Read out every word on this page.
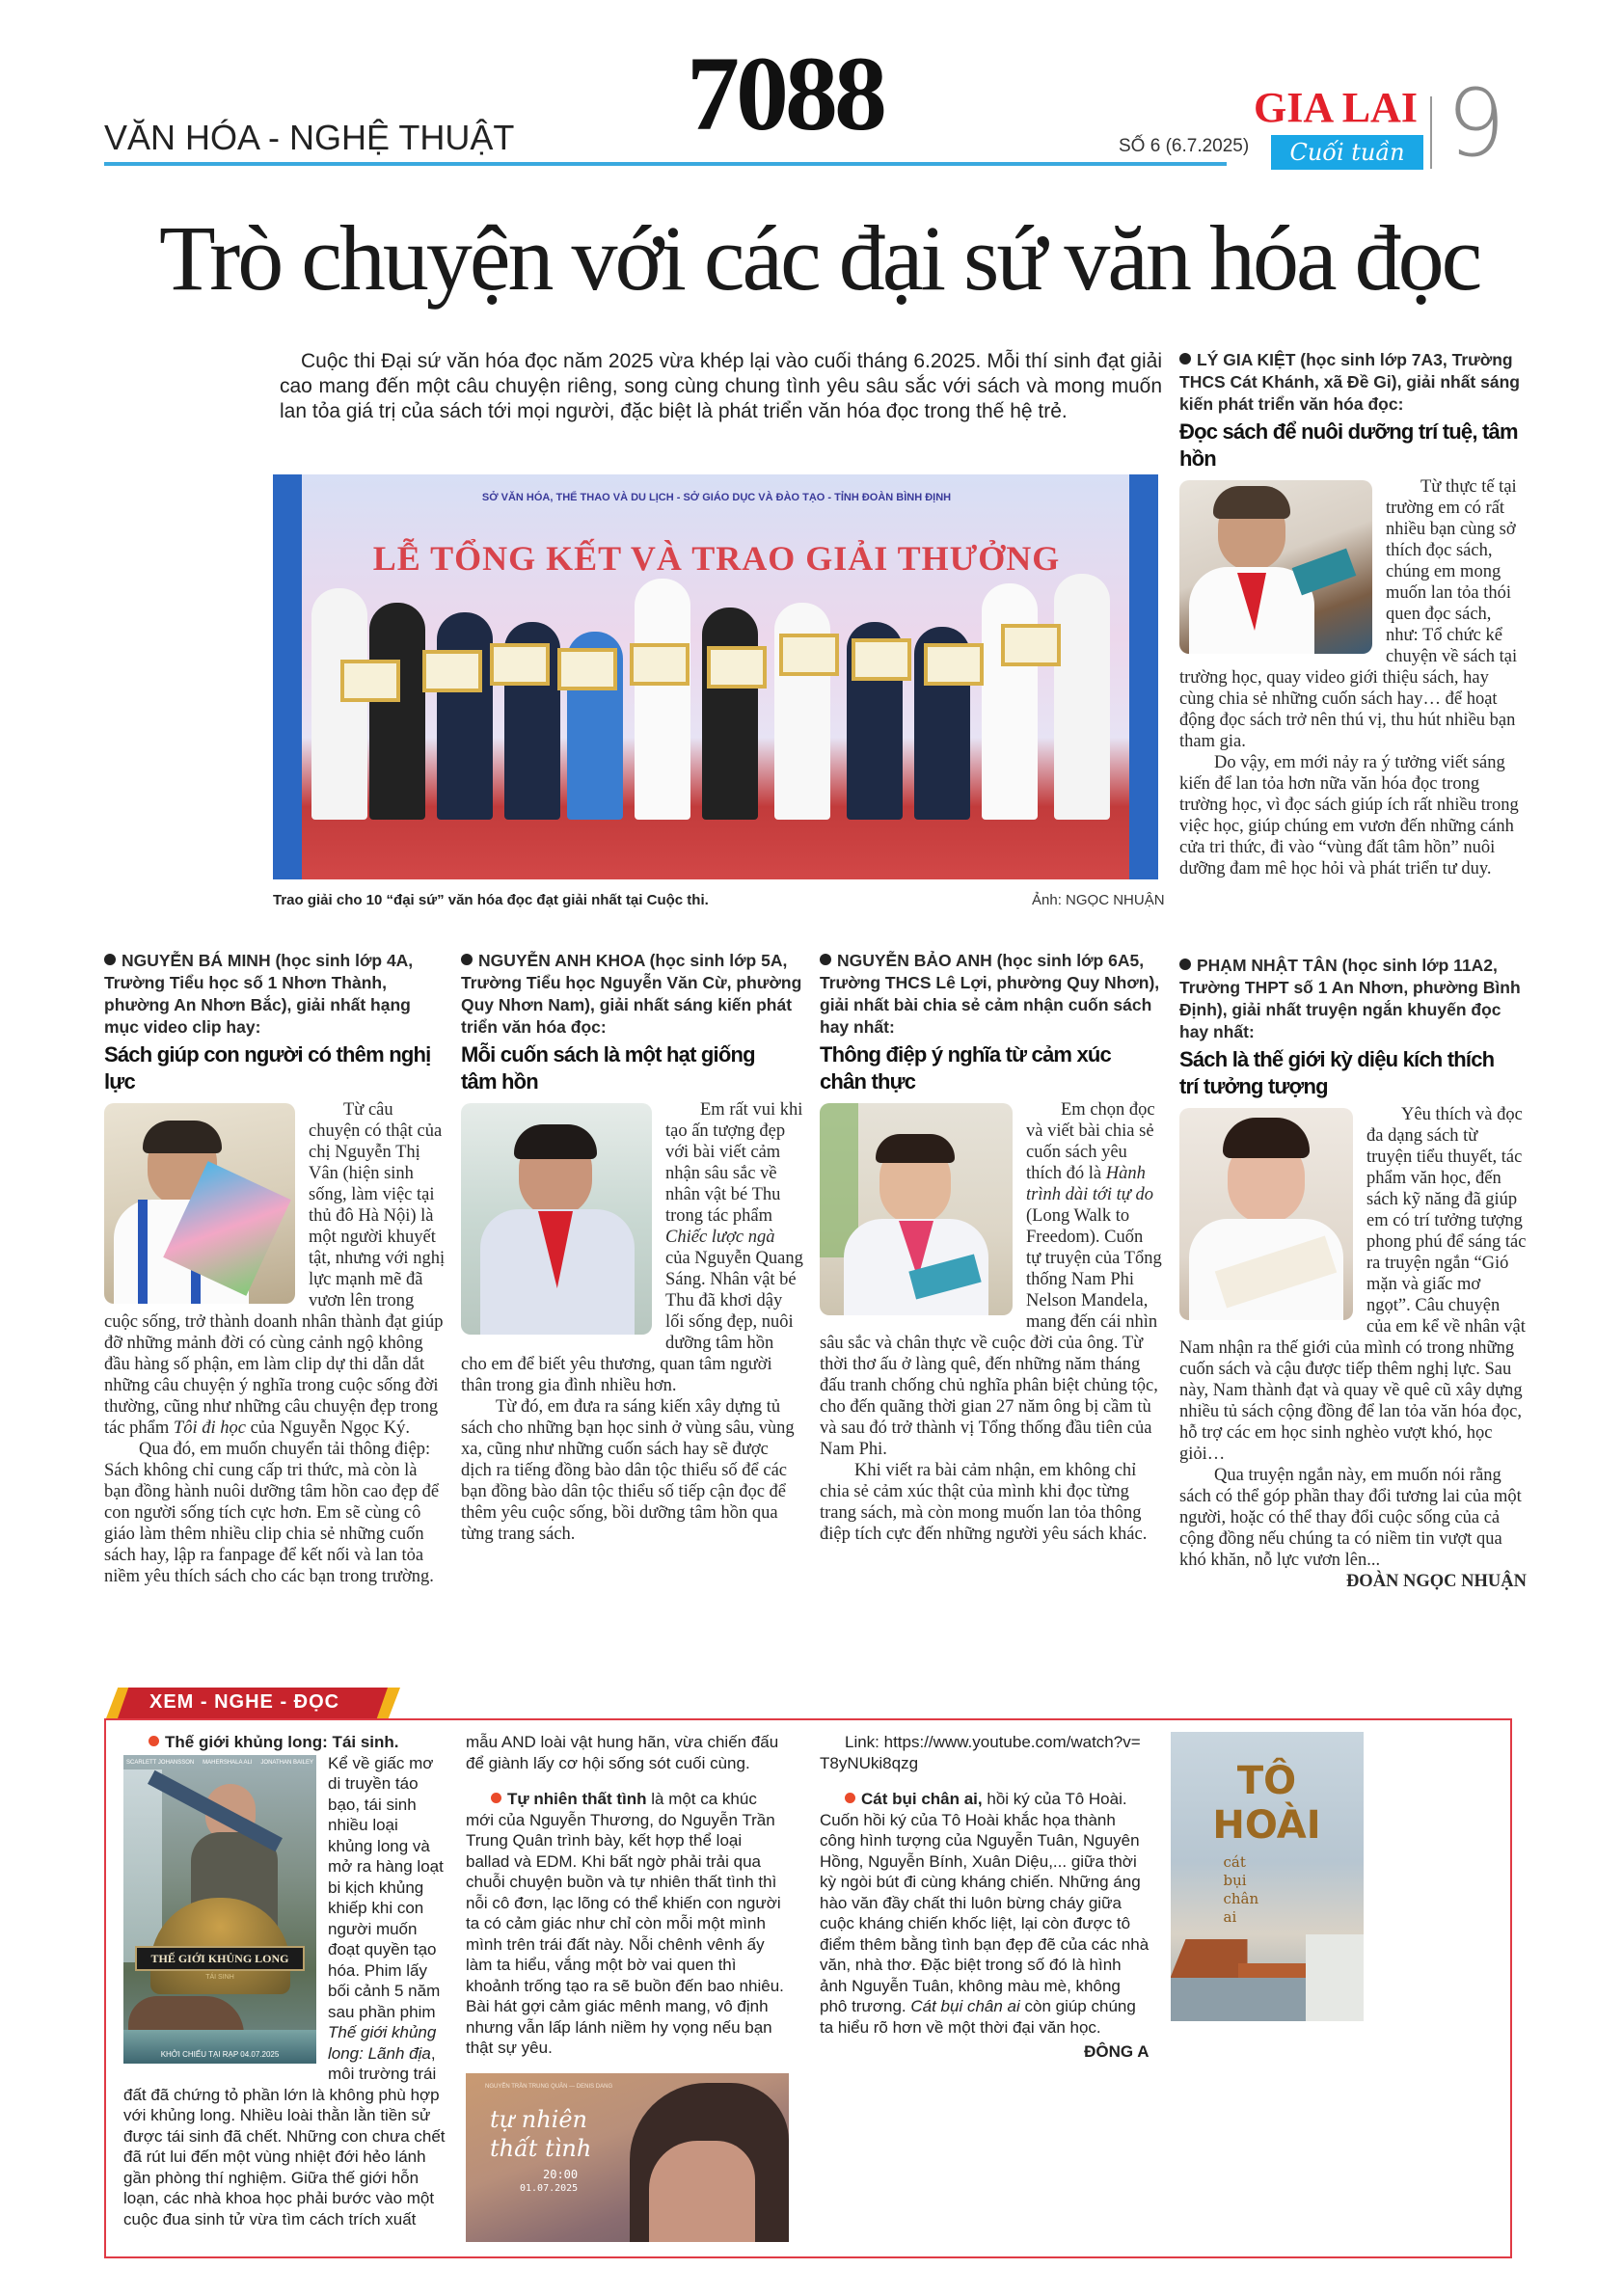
VĂN HÓA - NGHỆ THUẬT 7088	SỐ 6 (6.7.2025)
GIA LAI
Cuối tuần 9
Trò chuyện với các đại sứ văn hóa đọc

Cuộc thi Đại sứ văn hóa đọc năm 2025 vừa khép lại vào cuối tháng 6.2025. Mỗi thí sinh đạt giải cao mang đến một câu chuyện riêng, song cùng chung tình yêu sâu sắc với sách và mong muốn lan tỏa giá trị của sách tới mọi người, đặc biệt là phát triển văn hóa đọc trong thế hệ trẻ.

SỞ VĂN HÓA, THỂ THAO VÀ DU LỊCH - SỞ GIÁO DỤC VÀ ĐÀO TẠO - TỈNH ĐOÀN BÌNH ĐỊNH
LỄ TỔNG KẾT VÀ TRAO GIẢI THƯỞNG
Trao giải cho 10 “đại sứ” văn hóa đọc đạt giải nhất tại Cuộc thi.	Ảnh: NGỌC NHUẬN
LÝ GIA KIỆT (học sinh lớp 7A3, Trường THCS Cát Khánh, xã Đề Gi), giải nhất sáng kiến phát triển văn hóa đọc:
Đọc sách để nuôi dưỡng trí tuệ, tâm hồn

Từ thực tế tại trường em có rất nhiều bạn cùng sở thích đọc sách, chúng em mong muốn lan tỏa thói quen đọc sách, như: Tổ chức kể chuyện về sách tại trường học, quay video giới thiệu sách, hay cùng chia sẻ những cuốn sách hay… để hoạt động đọc sách trở nên thú vị, thu hút nhiều bạn tham gia.

Do vậy, em mới nảy ra ý tưởng viết sáng kiến để lan tỏa hơn nữa văn hóa đọc trong trường học, vì đọc sách giúp ích rất nhiều trong việc học, giúp chúng em vươn đến những cánh cửa tri thức, đi vào “vùng đất tâm hồn” nuôi dưỡng đam mê học hỏi và phát triển tư duy.

NGUYỄN BÁ MINH (học sinh lớp 4A, Trường Tiểu học số 1 Nhơn Thành, phường An Nhơn Bắc), giải nhất hạng mục video clip hay:
Sách giúp con người có thêm nghị lực

Từ câu chuyện có thật của chị Nguyễn Thị Vân (hiện sinh sống, làm việc tại thủ đô Hà Nội) là một người khuyết tật, nhưng với nghị lực mạnh mẽ đã vươn lên trong cuộc sống, trở thành doanh nhân thành đạt giúp đỡ những mảnh đời có cùng cảnh ngộ không đầu hàng số phận, em làm clip dự thi dẫn dắt những câu chuyện ý nghĩa trong cuộc sống đời thường, cũng như những câu chuyện đẹp trong tác phẩm Tôi đi học của Nguyễn Ngọc Ký.

Qua đó, em muốn chuyển tải thông điệp: Sách không chỉ cung cấp tri thức, mà còn là bạn đồng hành nuôi dưỡng tâm hồn cao đẹp để con người sống tích cực hơn. Em sẽ cùng cô giáo làm thêm nhiều clip chia sẻ những cuốn sách hay, lập ra fanpage để kết nối và lan tỏa niềm yêu thích sách cho các bạn trong trường.

NGUYỄN ANH KHOA (học sinh lớp 5A, Trường Tiểu học Nguyễn Văn Cừ, phường Quy Nhơn Nam), giải nhất sáng kiến phát triển văn hóa đọc:
Mỗi cuốn sách là một hạt giống
tâm hồn

Em rất vui khi tạo ấn tượng đẹp với bài viết cảm nhận sâu sắc về nhân vật bé Thu trong tác phẩm Chiếc lược ngà của Nguyễn Quang Sáng. Nhân vật bé Thu đã khơi dậy lối sống đẹp, nuôi dưỡng tâm hồn cho em để biết yêu thương, quan tâm người thân trong gia đình nhiều hơn.

Từ đó, em đưa ra sáng kiến xây dựng tủ sách cho những bạn học sinh ở vùng sâu, vùng xa, cũng như những cuốn sách hay sẽ được dịch ra tiếng đồng bào dân tộc thiểu số để các bạn đồng bào dân tộc thiểu số tiếp cận đọc để thêm yêu cuộc sống, bồi dưỡng tâm hồn qua từng trang sách.

NGUYỄN BẢO ANH (học sinh lớp 6A5, Trường THCS Lê Lợi, phường Quy Nhơn), giải nhất bài chia sẻ cảm nhận cuốn sách hay nhất:
Thông điệp ý nghĩa từ cảm xúc
chân thực

Em chọn đọc và viết bài chia sẻ cuốn sách yêu thích đó là Hành trình dài tới tự do (Long Walk to Freedom). Cuốn tự truyện của Tổng thống Nam Phi Nelson Mandela, mang đến cái nhìn sâu sắc và chân thực về cuộc đời của ông. Từ thời thơ ấu ở làng quê, đến những năm tháng đấu tranh chống chủ nghĩa phân biệt chủng tộc, cho đến quãng thời gian 27 năm ông bị cầm tù và sau đó trở thành vị Tổng thống đầu tiên của Nam Phi.

Khi viết ra bài cảm nhận, em không chỉ chia sẻ cảm xúc thật của mình khi đọc từng trang sách, mà còn mong muốn lan tỏa thông điệp tích cực đến những người yêu sách khác.

PHẠM NHẬT TÂN (học sinh lớp 11A2, Trường THPT số 1 An Nhơn, phường Bình Định), giải nhất truyện ngắn khuyến đọc hay nhất:
Sách là thế giới kỳ diệu kích thích
trí tưởng tượng

Yêu thích và đọc đa dạng sách từ truyện tiểu thuyết, tác phẩm văn học, đến sách kỹ năng đã giúp em có trí tưởng tượng phong phú để sáng tác ra truyện ngắn “Gió mặn và giấc mơ ngọt”. Câu chuyện của em kể về nhân vật Nam nhận ra thế giới của mình có trong những cuốn sách và cậu được tiếp thêm nghị lực. Sau này, Nam thành đạt và quay về quê cũ xây dựng nhiều tủ sách cộng đồng để lan tỏa văn hóa đọc, hỗ trợ các em học sinh nghèo vượt khó, học giỏi…

Qua truyện ngắn này, em muốn nói rằng sách có thể góp phần thay đổi tương lai của một người, hoặc có thể thay đổi cuộc sống của cả cộng đồng nếu chúng ta có niềm tin vượt qua khó khăn, nỗ lực vươn lên...
ĐOÀN NGỌC NHUẬN

XEM - NGHE - ĐỌC
Thế giới khủng long: Tái sinh.
SCARLETT JOHANSSON MAHERSHALA ALI JONATHAN BAILEY
THẾ GIỚI KHỦNG LONG
TÁI SINH
KHỞI CHIẾU TẠI RẠP 04.07.2025
Kể về giấc mơ di truyền táo bạo, tái sinh nhiều loại khủng long và mở ra hàng loạt bi kịch khủng khiếp khi con người muốn đoạt quyền tạo hóa. Phim lấy bối cảnh 5 năm sau phần phim Thế giới khủng long: Lãnh địa, môi trường trái đất đã chứng tỏ phần lớn là không phù hợp với khủng long. Nhiều loài thằn lằn tiền sử được tái sinh đã chết. Những con chưa chết đã rút lui đến một vùng nhiệt đới hẻo lánh gần phòng thí nghiệm. Giữa thế giới hỗn loạn, các nhà khoa học phải bước vào một cuộc đua sinh tử vừa tìm cách trích xuất mẫu AND loài vật hung hãn, vừa chiến đấu để giành lấy cơ hội sống sót cuối cùng.
Tự nhiên thất tình là một ca khúc mới của Nguyễn Thương, do Nguyễn Trần Trung Quân trình bày, kết hợp thể loại ballad và EDM. Khi bất ngờ phải trải qua chuỗi chuyện buồn và tự nhiên thất tình thì nỗi cô đơn, lạc lõng có thể khiến con người ta có cảm giác như chỉ còn mỗi một mình mình trên trái đất này. Nỗi chênh vênh ấy làm ta hiểu, vắng một bờ vai quen thì khoảnh trống tạo ra sẽ buồn đến bao nhiêu. Bài hát gợi cảm giác mênh mang, vô định nhưng vẫn lấp lánh niềm hy vọng nếu bạn thật sự yêu.
NGUYỄN TRẦN TRUNG QUÂN — DENIS DANG
tự nhiên
thất tình
20:00
01.07.2025
Link: https://www.youtube.com/watch?v=T8yNUki8qzg
Cát bụi chân ai, hồi ký của Tô Hoài. Cuốn hồi ký của Tô Hoài khắc họa thành công hình tượng của Nguyễn Tuân, Nguyên Hồng, Nguyễn Bính, Xuân Diệu,... giữa thời kỳ ngòi bút đi cùng kháng chiến. Những áng hào văn đầy chất thi luôn bừng cháy giữa cuộc kháng chiến khốc liệt, lại còn được tô điểm thêm bằng tình bạn đẹp đẽ của các nhà văn, nhà thơ. Đặc biệt trong số đó là hình ảnh Nguyễn Tuân, không màu mè, không phô trương. Cát bụi chân ai còn giúp chúng ta hiểu rõ hơn về một thời đại văn học.
ĐÔNG A
TÔ HOÀI
cát bụi chân ai
